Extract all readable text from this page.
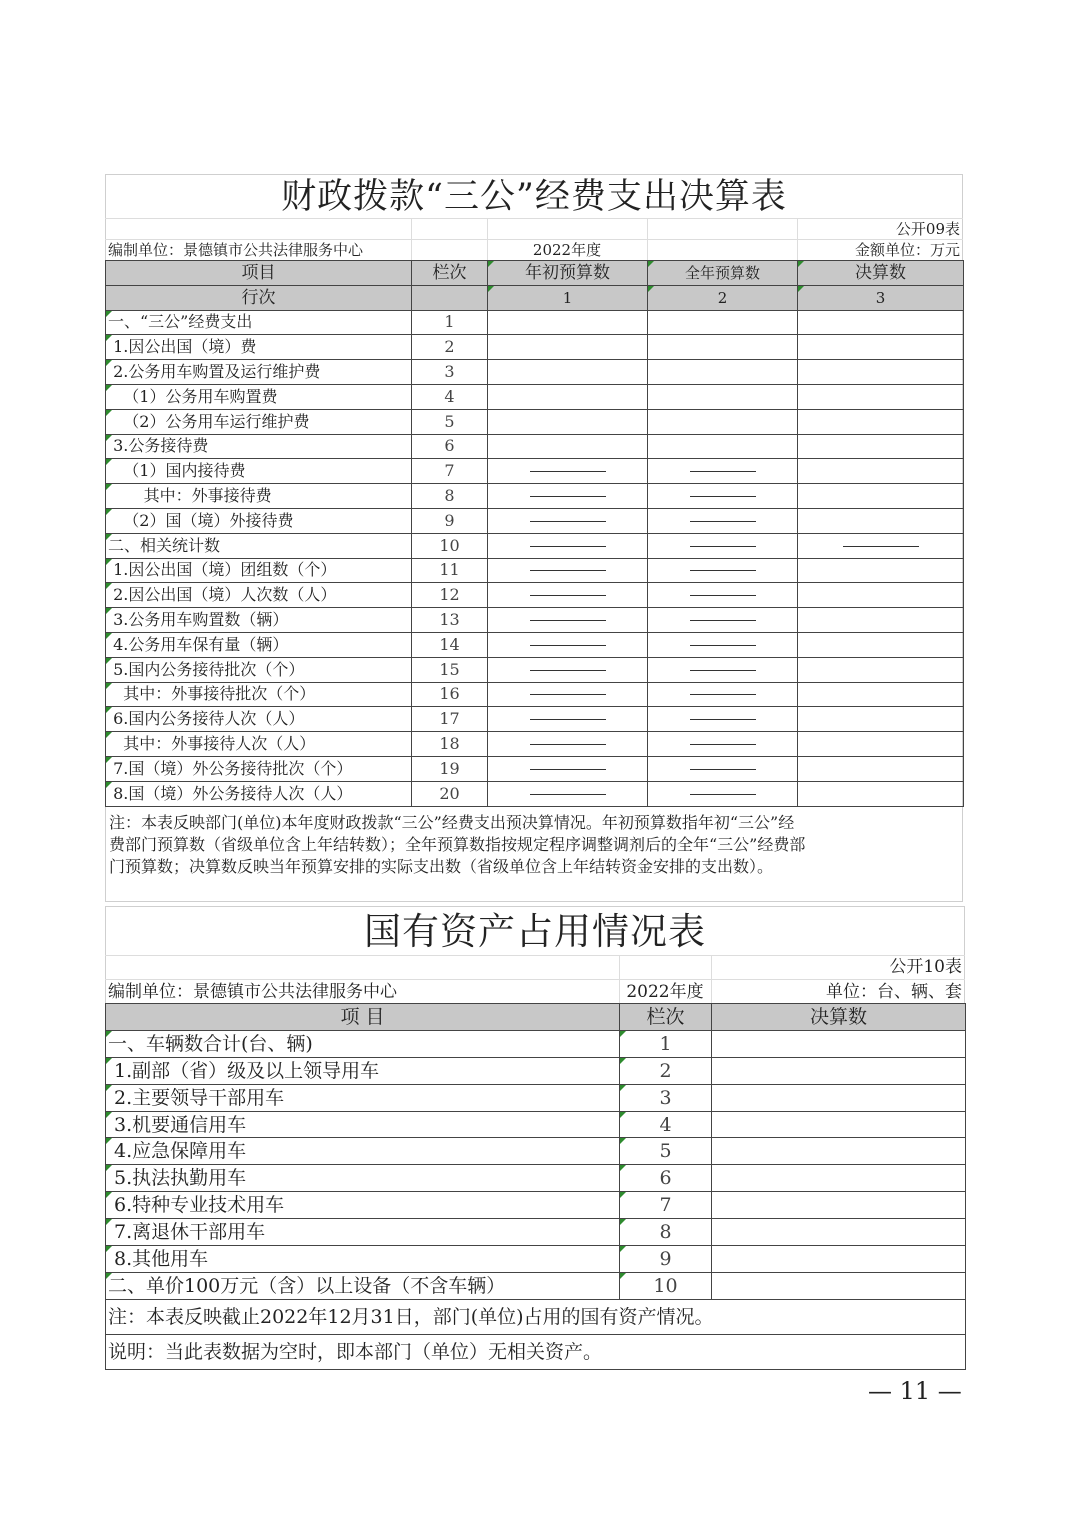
财政拨款“三公”经费支出决算表
公开09表
编制单位：景德镇市公共法律服务中心	2022年度	金额单位：万元
项目	栏次	年初预算数	全年预算数	决算数
行次		1	2	3
一、“三公”经费支出	1			
1.因公出国（境）费	2			
2.公务用车购置及运行维护费	3			
（1）公务用车购置费	4			
（2）公务用车运行维护费	5			
3.公务接待费	6			
（1）国内接待费	7			
其中：外事接待费	8			
（2）国（境）外接待费	9			
二、相关统计数	10			
1.因公出国（境）团组数（个）	11			
2.因公出国（境）人次数（人）	12			
3.公务用车购置数（辆）	13			
4.公务用车保有量（辆）	14			
5.国内公务接待批次（个）	15			
其中：外事接待批次（个）	16			
6.国内公务接待人次（人）	17			
其中：外事接待人次（人）	18			
7.国（境）外公务接待批次（个）	19			
8.国（境）外公务接待人次（人）	20			
注：本表反映部门(单位)本年度财政拨款“三公”经费支出预决算情况。年初预算数指年初“三公”经
费部门预算数（省级单位含上年结转数）；全年预算数指按规定程序调整调剂后的全年“三公”经费部
门预算数；决算数反映当年预算安排的实际支出数（省级单位含上年结转资金安排的支出数）。
国有资产占用情况表
公开10表
编制单位：景德镇市公共法律服务中心	2022年度	单位：台、辆、套
项 目	栏次	决算数
一、车辆数合计(台、辆)	1	
1.副部（省）级及以上领导用车	2	
2.主要领导干部用车	3	
3.机要通信用车	4	
4.应急保障用车	5	
5.执法执勤用车	6	
6.特种专业技术用车	7	
7.离退休干部用车	8	
8.其他用车	9	
二、单价100万元（含）以上设备（不含车辆）	10	
注：本表反映截止2022年12月31日，部门(单位)占用的国有资产情况。		
说明：当此表数据为空时，即本部门（单位）无相关资产。		
— 11 —
